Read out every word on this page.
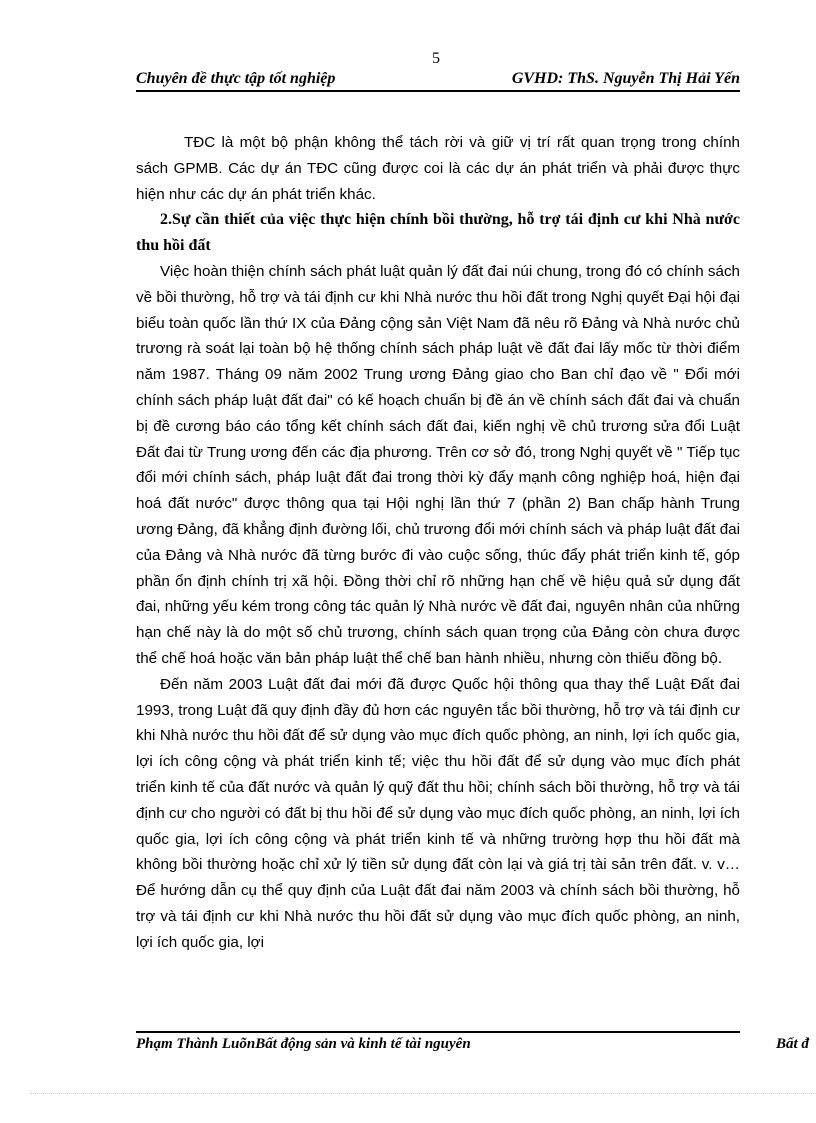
5
Chuyên đề thực tập tốt nghiệp	GVHD: ThS. Nguyễn Thị Hải Yến

TĐC là một bộ phận không thể tách rời và giữ vị trí rất quan trọng trong chính sách GPMB. Các dự án TĐC cũng được coi là các dự án phát triển và phải được thực hiện như các dự án phát triển khác.

2.Sự cần thiết của việc thực hiện chính bồi thường, hỗ trợ tái định cư khi Nhà nước thu hồi đất

Việc hoàn thiện chính sách phát luật quản lý đất đai núi chung, trong đó có chính sách về bồi thường, hỗ trợ và tái định cư khi Nhà nước thu hồi đất trong Nghị quyết Đại hội đại biểu toàn quốc lần thứ IX của Đảng cộng sản Việt Nam đã nêu rõ Đảng và Nhà nước chủ trương rà soát lại toàn bộ hệ thống chính sách pháp luật về đất đai lấy mốc từ thời điểm năm 1987. Tháng 09 năm 2002 Trung ương Đảng giao cho Ban chỉ đạo về " Đổi mới chính sách pháp luật đất đai" có kế hoạch chuẩn bị đề án về chính sách đất đai và chuẩn bị đề cương báo cáo tổng kết chính sách đất đai, kiến nghị về chủ trương sửa đổi Luật Đất đai từ Trung ương đến các địa phương. Trên cơ sở đó, trong Nghị quyết về " Tiếp tục đổi mới chính sách, pháp luật đất đai trong thời kỳ đẩy mạnh công nghiệp hoá, hiện đại hoá đất nước" được thông qua tại Hội nghị lần thứ 7 (phần 2) Ban chấp hành Trung ương Đảng, đã khẳng định đường lối, chủ trương đổi mới chính sách và pháp luật đất đai của Đảng và Nhà nước đã từng bước đi vào cuộc sống, thúc đẩy phát triển kinh tế, góp phần ổn định chính trị xã hội. Đồng thời chỉ rõ những hạn chế về hiệu quả sử dụng đất đai, những yếu kém trong công tác quản lý Nhà nước về đất đai, nguyên nhân của những hạn chế này là do một số chủ trương, chính sách quan trọng của Đảng còn chưa được thể chế hoá hoặc văn bản pháp luật thể chế ban hành nhiều, nhưng còn thiếu đồng bộ.

Đến năm 2003 Luật đất đai mới đã được Quốc hội thông qua thay thế Luật Đất đai 1993, trong Luật đã quy định đầy đủ hơn các nguyên tắc bồi thường, hỗ trợ và tái định cư khi Nhà nước thu hồi đất để sử dụng vào mục đích quốc phòng, an ninh, lợi ích quốc gia, lợi ích công cộng và phát triển kinh tế; việc thu hồi đất để sử dụng vào mục đích phát triển kinh tế của đất nước và quản lý quỹ đất thu hồi; chính sách bồi thường, hỗ trợ và tái định cư cho người có đất bị thu hồi để sử dụng vào mục đích quốc phòng, an ninh, lợi ích quốc gia, lợi ích công cộng và phát triển kinh tế và những trường hợp thu hồi đất mà không bồi thường hoặc chỉ xử lý tiền sử dụng đất còn lại và giá trị tài sản trên đất. v. v… Để hướng dẫn cụ thể quy định của Luật đất đai năm 2003 và chính sách bồi thường, hỗ trợ và tái định cư khi Nhà nước thu hồi đất sử dụng vào mục đích quốc phòng, an ninh, lợi ích quốc gia, lợi

Phạm Thành LuõnBất động sản và kinh tế tài nguyên	Bất đ
